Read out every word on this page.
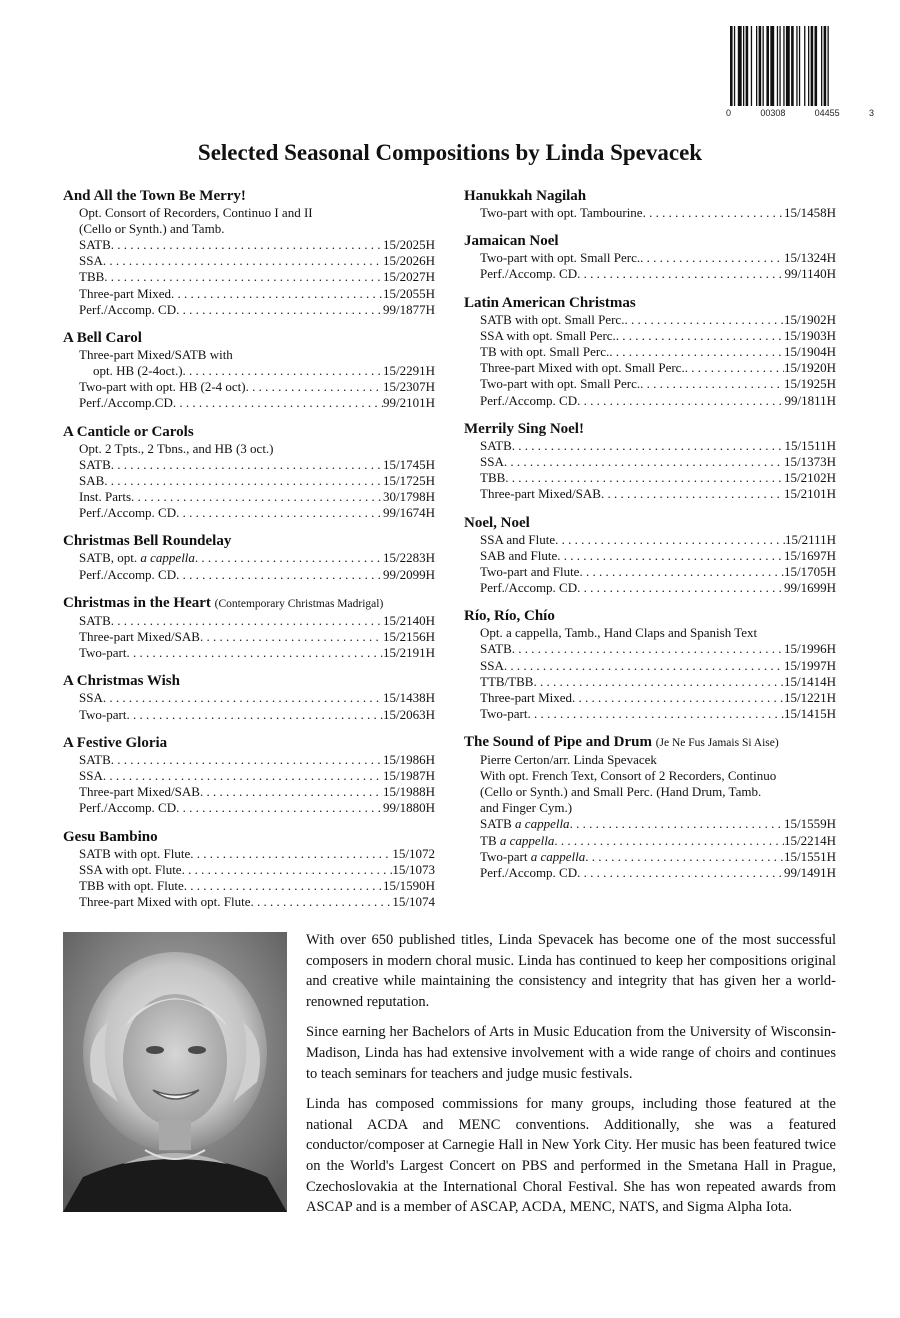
0	00308	04455	3
Selected Seasonal Compositions by Linda Spevacek
And All the Town Be Merry!
Opt. Consort of Recorders, Continuo I and II
(Cello or Synth.) and Tamb.
SATB . . .	15/2025H
SSA . . .	15/2026H
TBB . . .	15/2027H
Three-part Mixed . . .	15/2055H
Perf./Accomp. CD . . .	99/1877H
A Bell Carol
Three-part Mixed/SATB with
opt. HB (2-4oct.) . . .	15/2291H
Two-part with opt. HB (2-4 oct) . . .	15/2307H
Perf./Accomp.CD . . .	99/2101H
A Canticle or Carols
Opt. 2 Tpts., 2 Tbns., and HB (3 oct.)
SATB . . .	15/1745H
SAB . . .	15/1725H
Inst. Parts . . .	30/1798H
Perf./Accomp. CD . . .	99/1674H
Christmas Bell Roundelay
SATB, opt. a cappella . . .	15/2283H
Perf./Accomp. CD . . .	99/2099H
Christmas in the Heart (Contemporary Christmas Madrigal)
SATB . . .	15/2140H
Three-part Mixed/SAB . . .	15/2156H
Two-part . . .	15/2191H
A Christmas Wish
SSA . . .	15/1438H
Two-part . . .	15/2063H
A Festive Gloria
SATB . . .	15/1986H
SSA . . .	15/1987H
Three-part Mixed/SAB . . .	15/1988H
Perf./Accomp. CD . . .	99/1880H
Gesu Bambino
SATB with opt. Flute . . .	15/1072
SSA with opt. Flute . . .	15/1073
TBB with opt. Flute . . .	15/1590H
Three-part Mixed with opt. Flute . . .	15/1074
Hanukkah Nagilah
Two-part with opt. Tambourine . . .	15/1458H
Jamaican Noel
Two-part with opt. Small Perc. . . .	15/1324H
Perf./Accomp. CD . . .	99/1140H
Latin American Christmas
SATB with opt. Small Perc. . . .	15/1902H
SSA with opt. Small Perc. . . .	15/1903H
TB with opt. Small Perc. . . .	15/1904H
Three-part Mixed with opt. Small Perc. . . .	15/1920H
Two-part with opt. Small Perc. . . .	15/1925H
Perf./Accomp. CD . . .	99/1811H
Merrily Sing Noel!
SATB . . .	15/1511H
SSA . . .	15/1373H
TBB . . .	15/2102H
Three-part Mixed/SAB . . .	15/2101H
Noel, Noel
SSA and Flute . . .	15/2111H
SAB and Flute . . .	15/1697H
Two-part and Flute . . .	15/1705H
Perf./Accomp. CD . . .	99/1699H
Río, Río, Chío
Opt. a cappella, Tamb., Hand Claps and Spanish Text
SATB . . .	15/1996H
SSA . . .	15/1997H
TTB/TBB . . .	15/1414H
Three-part Mixed . . .	15/1221H
Two-part . . .	15/1415H
The Sound of Pipe and Drum (Je Ne Fus Jamais Si Aise)
Pierre Certon/arr. Linda Spevacek
With opt. French Text, Consort of 2 Recorders, Continuo
(Cello or Synth.) and Small Perc. (Hand Drum, Tamb.
and Finger Cym.)
SATB a cappella . . .	15/1559H
TB a cappella . . .	15/2214H
Two-part a cappella . . .	15/1551H
Perf./Accomp. CD . . .	99/1491H

With over 650 published titles, Linda Spevacek has become one of the most successful composers in modern choral music. Linda has continued to keep her compositions original and creative while maintaining the consistency and integrity that has given her a world-renowned reputation.

Since earning her Bachelors of Arts in Music Education from the University of Wisconsin-Madison, Linda has had extensive involvement with a wide range of choirs and continues to teach seminars for teachers and judge music festivals.

Linda has composed commissions for many groups, including those featured at the national ACDA and MENC conventions. Additionally, she was a featured conductor/composer at Carnegie Hall in New York City. Her music has been featured twice on the World's Largest Concert on PBS and performed in the Smetana Hall in Prague, Czechoslovakia at the International Choral Festival. She has won repeated awards from ASCAP and is a member of ASCAP, ACDA, MENC, NATS, and Sigma Alpha Iota.
